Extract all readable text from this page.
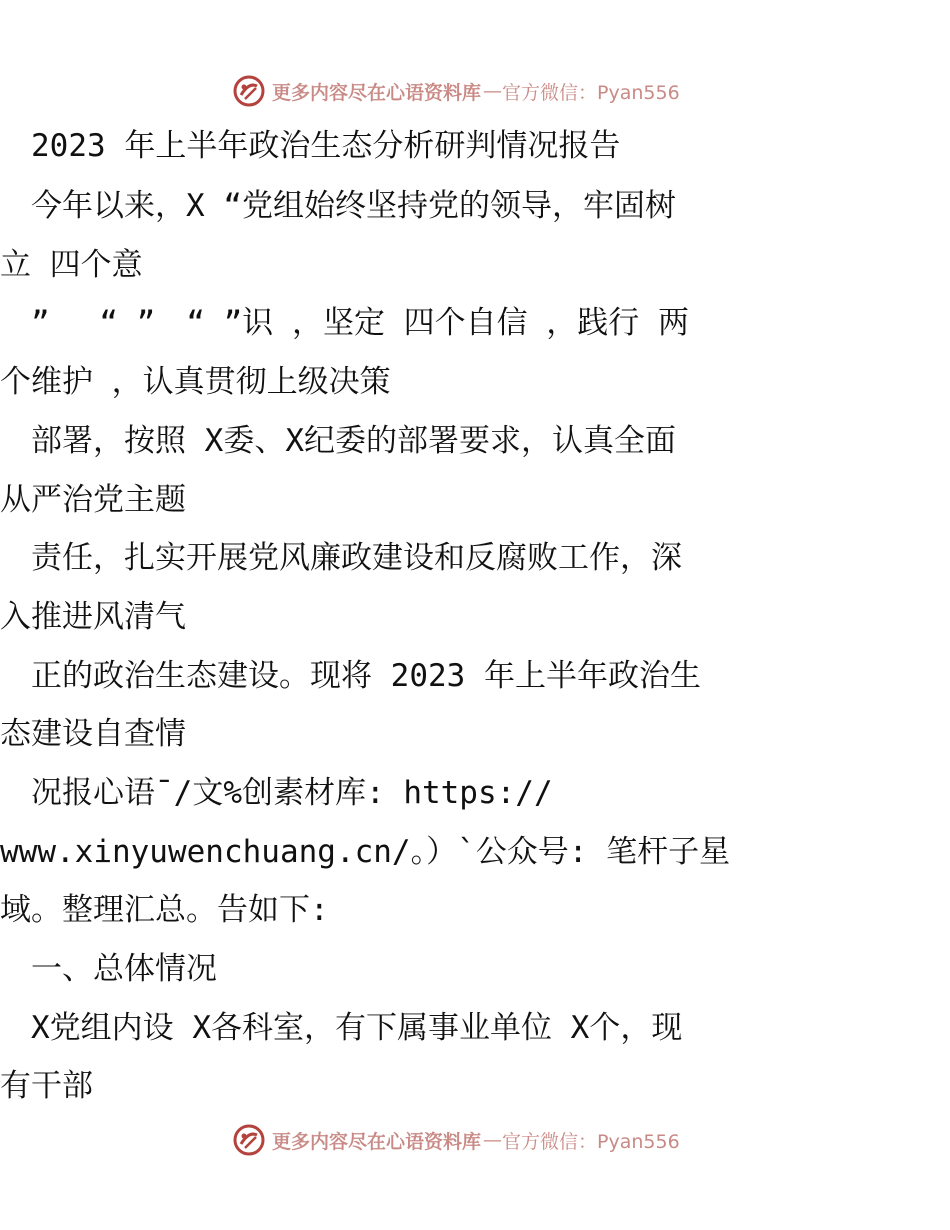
更多内容尽在心语资料库 — 官方微信：Pyan556

　2023 年上半年政治生态分析研判情况报告

　今年以来，X “党组始终坚持党的领导，牢固树

立 四个意

　”　 “ ”　“ ”识 ，坚定 四个自信 ，践行 两

个维护 ，认真贯彻上级决策

　部署，按照 X委、X纪委的部署要求，认真全面

从严治党主题

　责任，扎实开展党风廉政建设和反腐败工作，深

入推进风清气

　正的政治生态建设。现将 2023 年上半年政治生

态建设自查情

　况报心语¯/文%创素材库: https://

www.xinyuwenchuang.cn/。）`公众号: 笔杆子星

域。整理汇总。告如下:

　一、总体情况

　X党组内设 X各科室，有下属事业单位 X个，现

有干部

更多内容尽在心语资料库 — 官方微信：Pyan556
